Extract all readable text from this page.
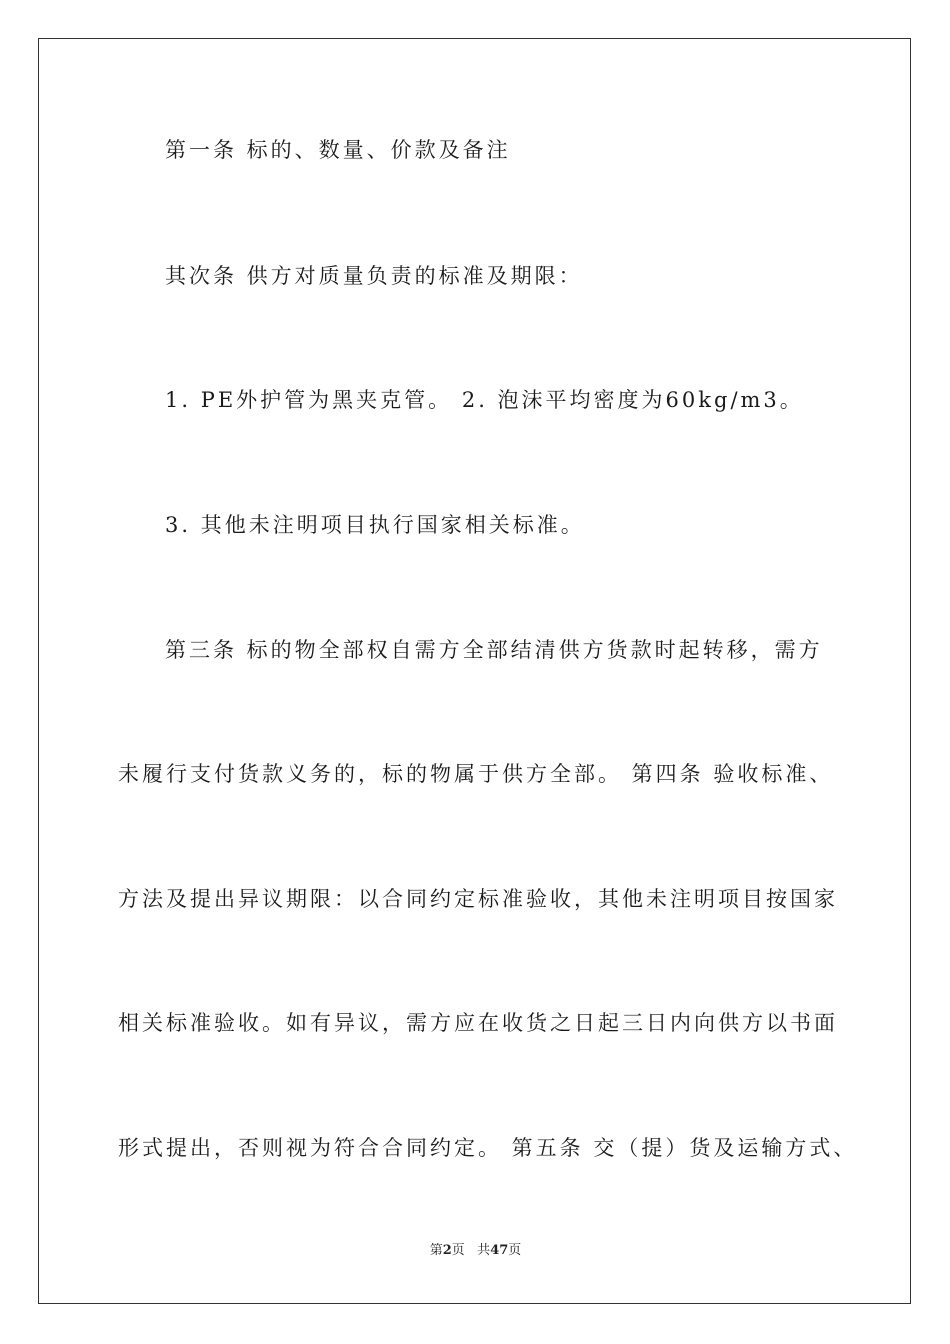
第一条 标的、数量、价款及备注
其次条 供方对质量负责的标准及期限：
1. PE外护管为黑夹克管。 2. 泡沫平均密度为60kg/m3。
3. 其他未注明项目执行国家相关标准。
第三条 标的物全部权自需方全部结清供方货款时起转移，需方
未履行支付货款义务的，标的物属于供方全部。 第四条 验收标准、
方法及提出异议期限：以合同约定标准验收，其他未注明项目按国家
相关标准验收。如有异议，需方应在收货之日起三日内向供方以书面
形式提出，否则视为符合合同约定。 第五条 交（提）货及运输方式、
第2页 共47页
